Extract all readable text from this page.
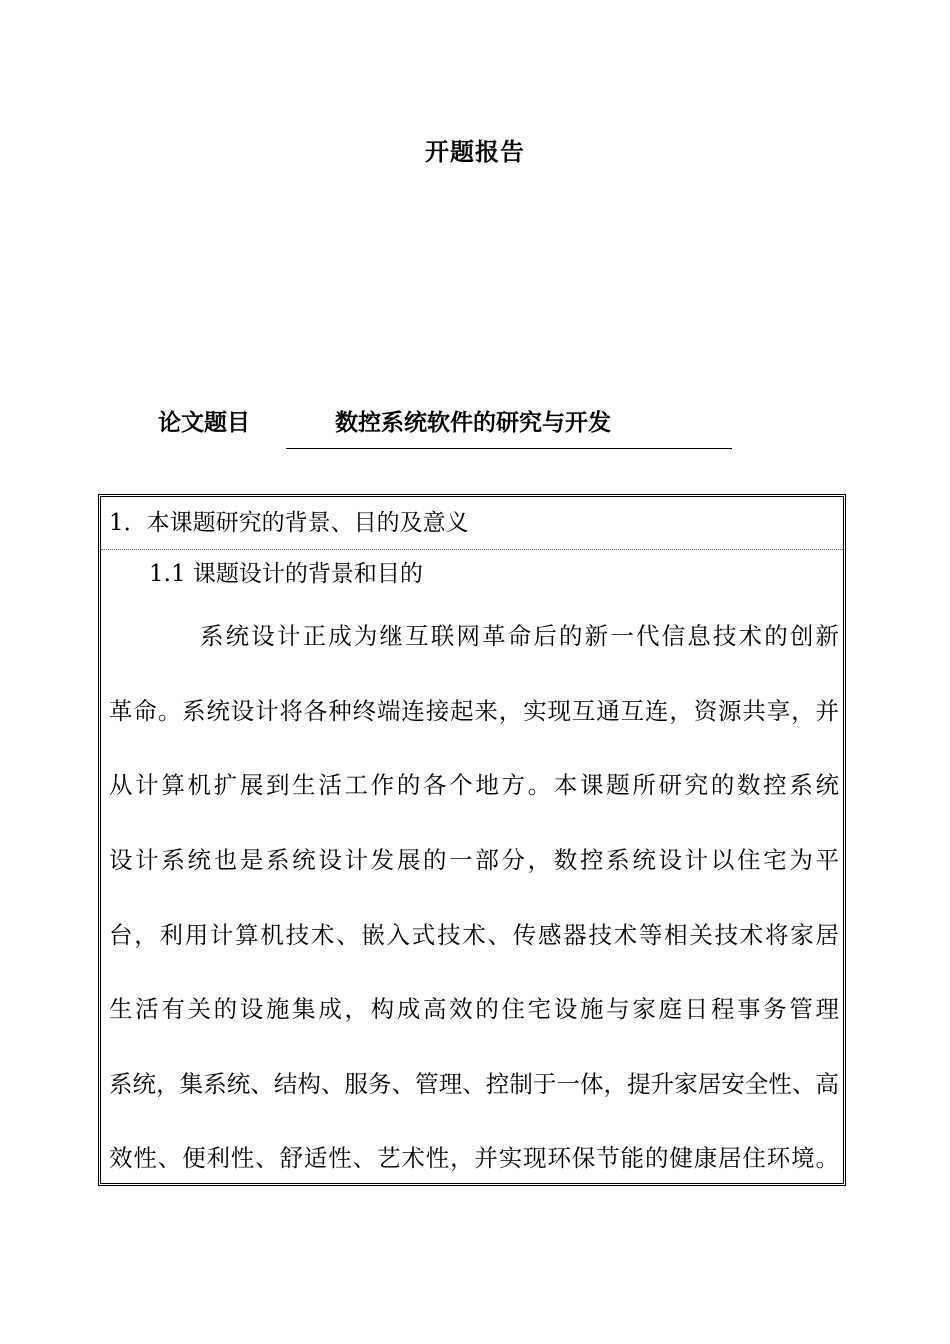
开题报告
论文题目	数控系统软件的研究与开发
1．本课题研究的背景、目的及意义
1.1 课题设计的背景和目的
系统设计正成为继互联网革命后的新一代信息技术的创新
革命。系统设计将各种终端连接起来，实现互通互连，资源共享，并
从计算机扩展到生活工作的各个地方。本课题所研究的数控系统
设计系统也是系统设计发展的一部分，数控系统设计以住宅为平
台，利用计算机技术、嵌入式技术、传感器技术等相关技术将家居
生活有关的设施集成，构成高效的住宅设施与家庭日程事务管理
系统，集系统、结构、服务、管理、控制于一体，提升家居安全性、高
效性、便利性、舒适性、艺术性，并实现环保节能的健康居住环境。
